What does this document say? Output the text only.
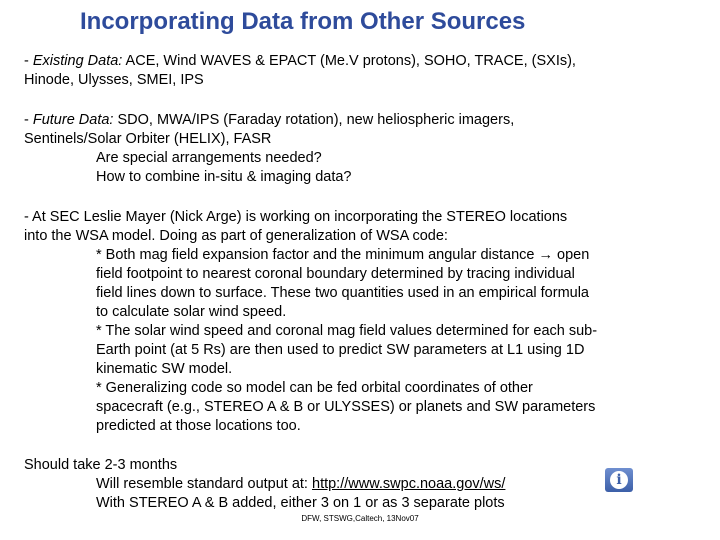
Incorporating Data from Other Sources
- Existing Data: ACE, Wind WAVES & EPACT (Me.V protons), SOHO, TRACE, (SXIs),
Hinode, Ulysses, SMEI, IPS
- Future Data: SDO, MWA/IPS (Faraday rotation), new heliospheric imagers,
Sentinels/Solar Orbiter (HELIX), FASR
Are special arrangements needed?
How to combine in-situ & imaging data?
- At SEC Leslie Mayer (Nick Arge) is working on incorporating the STEREO locations
into the WSA model. Doing as part of generalization of WSA code:
* Both mag field expansion factor and the minimum angular distance → open
field footpoint to nearest coronal boundary determined by tracing individual
field lines down to surface. These two quantities used in an empirical formula
to calculate solar wind speed.
* The solar wind speed and coronal mag field values determined for each sub-
Earth point (at 5 Rs) are then used to predict SW parameters at L1 using 1D
kinematic SW model.
* Generalizing code so model can be fed orbital coordinates of other
spacecraft (e.g., STEREO A & B or ULYSSES) or planets and SW parameters
predicted at those locations too.
Should take 2-3 months
Will resemble standard output at: http://www.swpc.noaa.gov/ws/
With STEREO A & B added, either 3 on 1 or as 3 separate plots
i
DFW, STSWG,Caltech, 13Nov07
